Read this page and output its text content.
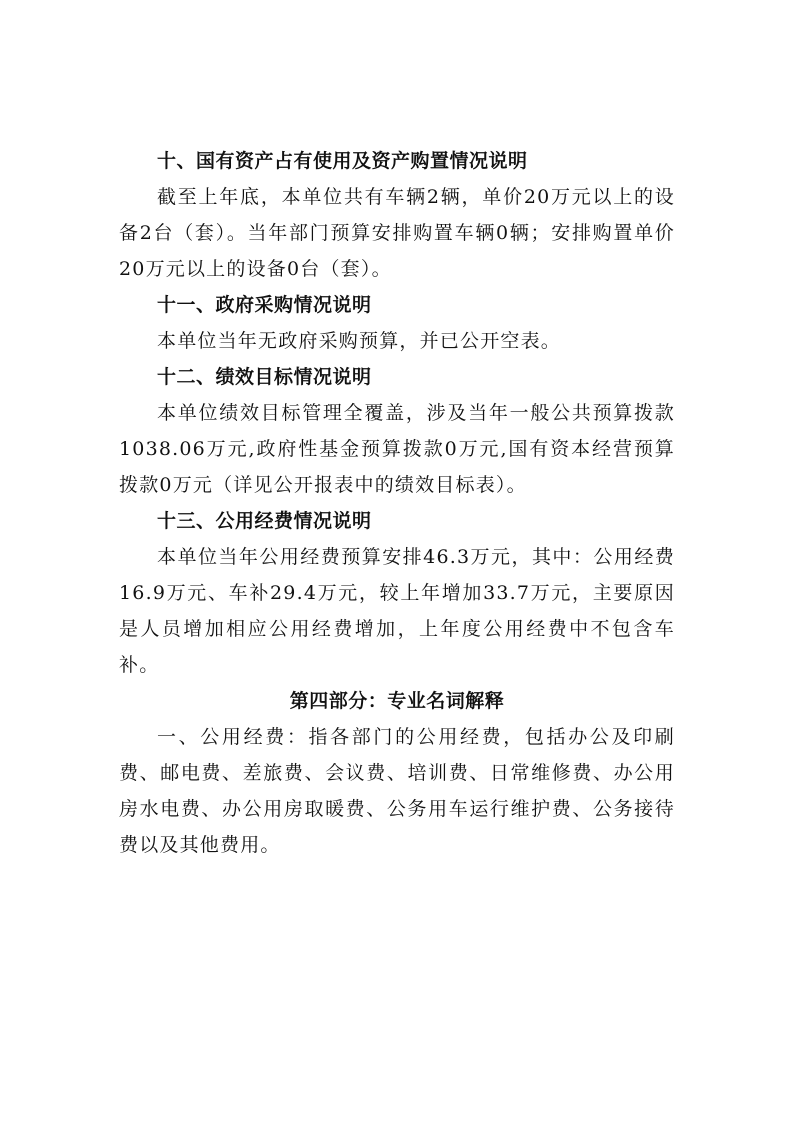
十、国有资产占有使用及资产购置情况说明

截至上年底，本单位共有车辆2辆，单价20万元以上的设备2台（套）。当年部门预算安排购置车辆0辆；安排购置单价20万元以上的设备0台（套）。

十一、政府采购情况说明

本单位当年无政府采购预算，并已公开空表。

十二、绩效目标情况说明

本单位绩效目标管理全覆盖，涉及当年一般公共预算拨款1038.06万元,政府性基金预算拨款0万元,国有资本经营预算拨款0万元（详见公开报表中的绩效目标表）。

十三、公用经费情况说明

本单位当年公用经费预算安排46.3万元，其中：公用经费16.9万元、车补29.4万元，较上年增加33.7万元，主要原因是人员增加相应公用经费增加，上年度公用经费中不包含车补。

第四部分：专业名词解释

一、公用经费：指各部门的公用经费，包括办公及印刷费、邮电费、差旅费、会议费、培训费、日常维修费、办公用房水电费、办公用房取暖费、公务用车运行维护费、公务接待费以及其他费用。
